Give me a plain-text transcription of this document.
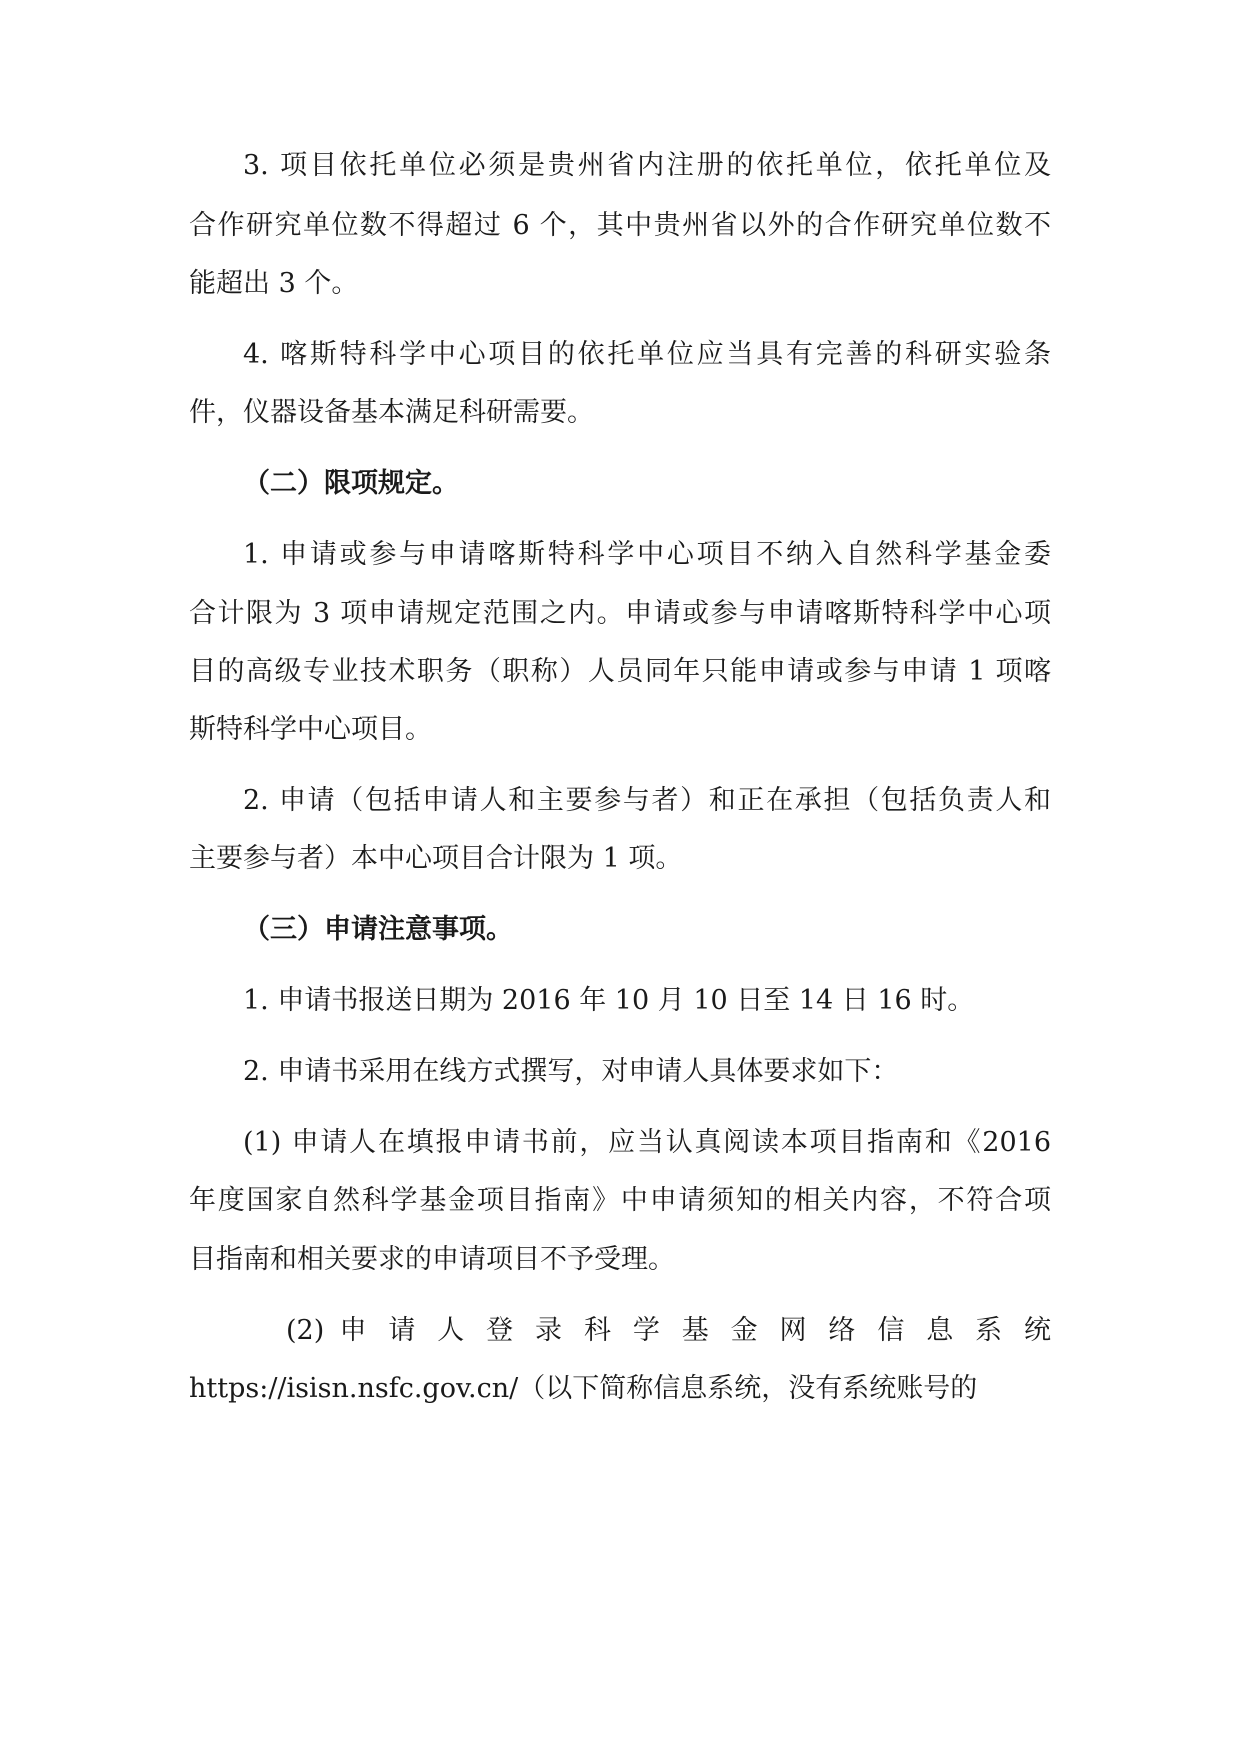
3. 项目依托单位必须是贵州省内注册的依托单位，依托单位及
合作研究单位数不得超过 6 个，其中贵州省以外的合作研究单位数不
能超出 3 个。
4. 喀斯特科学中心项目的依托单位应当具有完善的科研实验条
件，仪器设备基本满足科研需要。
（二）限项规定。
1. 申请或参与申请喀斯特科学中心项目不纳入自然科学基金委
合计限为 3 项申请规定范围之内。申请或参与申请喀斯特科学中心项
目的高级专业技术职务（职称）人员同年只能申请或参与申请 1 项喀
斯特科学中心项目。
2. 申请（包括申请人和主要参与者）和正在承担（包括负责人和
主要参与者）本中心项目合计限为 1 项。
（三）申请注意事项。
1. 申请书报送日期为 2016 年 10 月 10 日至 14 日 16 时。
2. 申请书采用在线方式撰写，对申请人具体要求如下：
(1) 申请人在填报申请书前，应当认真阅读本项目指南和《2016
年度国家自然科学基金项目指南》中申请须知的相关内容，不符合项
目指南和相关要求的申请项目不予受理。
(2) 申 请 人 登 录 科 学 基 金 网 络 信 息 系 统
https://isisn.nsfc.gov.cn/（以下简称信息系统，没有系统账号的
